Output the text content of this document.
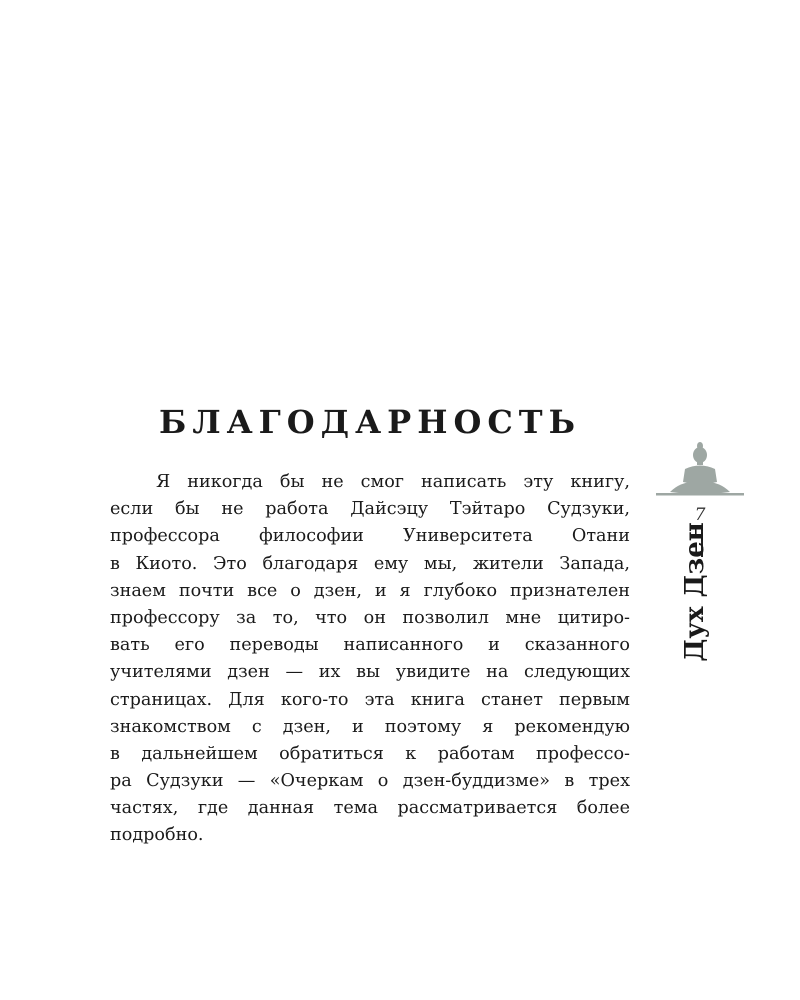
БЛАГОДАРНОСТЬ
Я никогда бы не смог написать эту книгу,
если бы не работа Дайсэцу Тэйтаро Судзуки,
профессора философии Университета Отани
в Киото. Это благодаря ему мы, жители Запада,
знаем почти все о дзен, и я глубоко признателен
профессору за то, что он позволил мне цитиро-
вать его переводы написанного и сказанного
учителями дзен — их вы увидите на следующих
страницах. Для кого-то эта книга станет первым
знакомством с дзен, и поэтому я рекомендую
в дальнейшем обратиться к работам профессо-
ра Судзуки — «Очеркам о дзен-буддизме» в трех
частях, где данная тема рассматривается более
подробно.
7
Дух Дзен
